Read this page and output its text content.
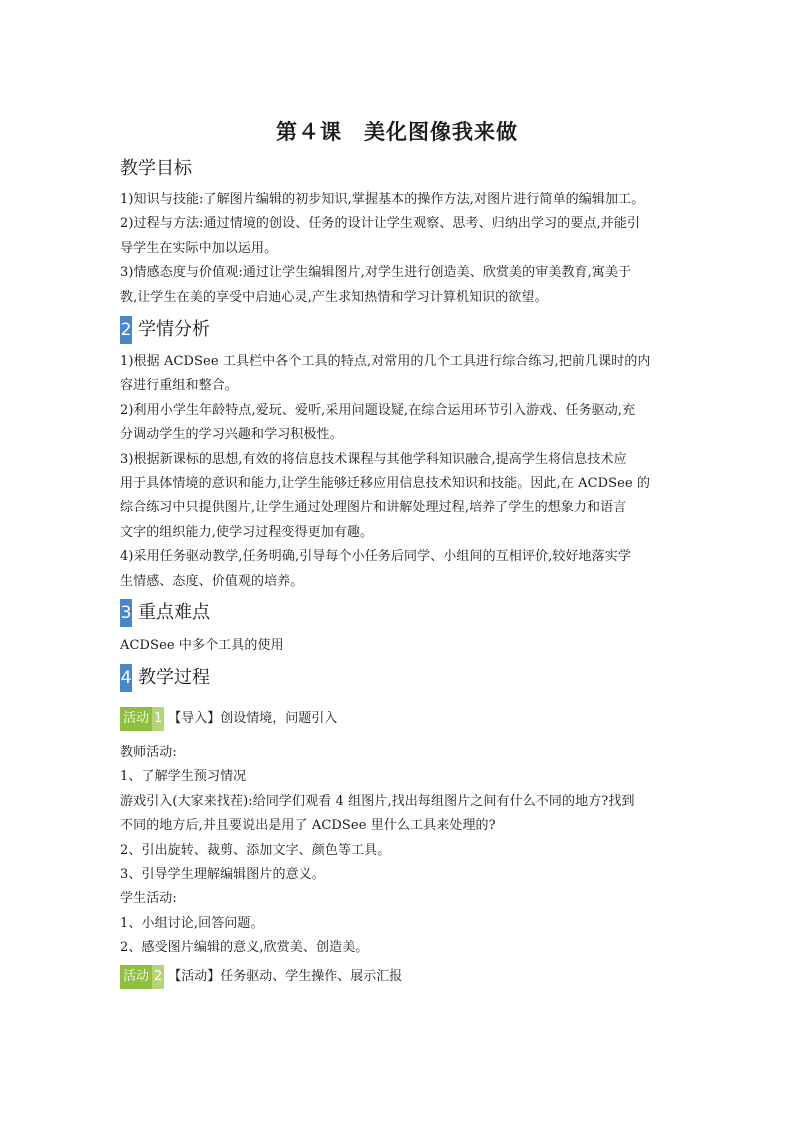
第４课　美化图像我来做
教学目标

1)知识与技能:了解图片编辑的初步知识,掌握基本的操作方法,对图片进行简单的编辑加工。

2)过程与方法:通过情境的创设、任务的设计让学生观察、思考、归纳出学习的要点,并能引

导学生在实际中加以运用。

3)情感态度与价值观:通过让学生编辑图片,对学生进行创造美、欣赏美的审美教育,寓美于

教,让学生在美的享受中启迪心灵,产生求知热情和学习计算机知识的欲望。

2 学情分析

1)根据 ACDSee 工具栏中各个工具的特点,对常用的几个工具进行综合练习,把前几课时的内

容进行重组和整合。

2)利用小学生年龄特点,爱玩、爱听,采用问题设疑,在综合运用环节引入游戏、任务驱动,充

分调动学生的学习兴趣和学习积极性。

3)根据新课标的思想,有效的将信息技术课程与其他学科知识融合,提高学生将信息技术应

用于具体情境的意识和能力,让学生能够迁移应用信息技术知识和技能。因此,在 ACDSee 的

综合练习中只提供图片,让学生通过处理图片和讲解处理过程,培养了学生的想象力和语言

文字的组织能力,使学习过程变得更加有趣。

4)采用任务驱动教学,任务明确,引导每个小任务后同学、小组间的互相评价,较好地落实学

生情感、态度、价值观的培养。

3 重点难点

ACDSee 中多个工具的使用

4 教学过程
活动 1 【导入】创设情境，问题引入

教师活动:

1、了解学生预习情况

游戏引入(大家来找茬):给同学们观看 4 组图片,找出每组图片之间有什么不同的地方?找到

不同的地方后,并且要说出是用了 ACDSee 里什么工具来处理的?

2、引出旋转、裁剪、添加文字、颜色等工具。

3、引导学生理解编辑图片的意义。

学生活动:

1、小组讨论,回答问题。

2、感受图片编辑的意义,欣赏美、创造美。

活动 2 【活动】任务驱动、学生操作、展示汇报
